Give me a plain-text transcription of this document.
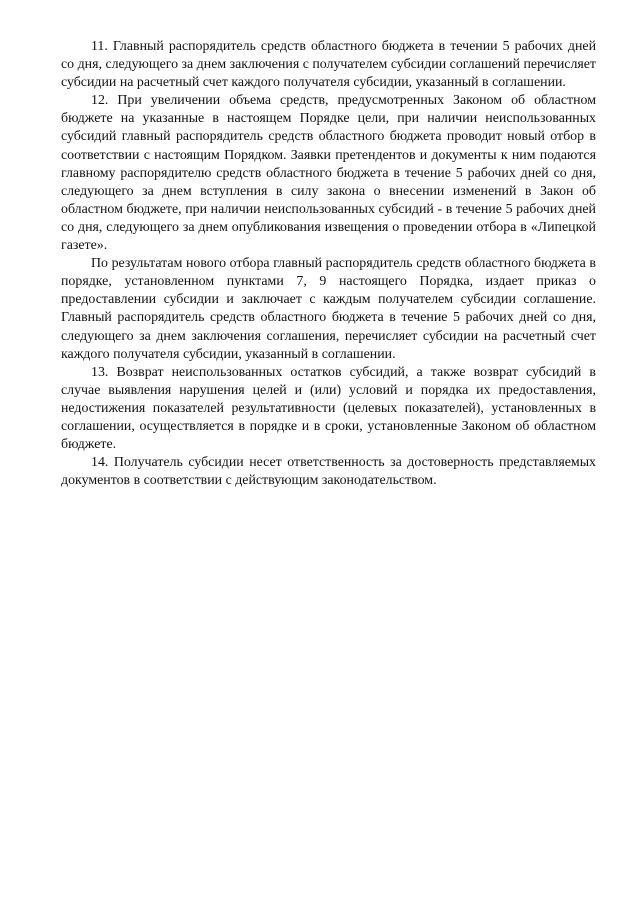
11. Главный распорядитель средств областного бюджета в течении 5 рабочих дней со дня, следующего за днем заключения с получателем субсидии соглашений перечисляет субсидии на расчетный счет каждого получателя субсидии, указанный в соглашении.

12. При увеличении объема средств, предусмотренных Законом об областном бюджете на указанные в настоящем Порядке цели, при наличии неиспользованных субсидий главный распорядитель средств областного бюджета проводит новый отбор в соответствии с настоящим Порядком. Заявки претендентов и документы к ним подаются главному распорядителю средств областного бюджета в течение 5 рабочих дней со дня, следующего за днем вступления в силу закона о внесении изменений в Закон об областном бюджете, при наличии неиспользованных субсидий - в течение 5 рабочих дней со дня, следующего за днем опубликования извещения о проведении отбора в «Липецкой газете».

По результатам нового отбора главный распорядитель средств областного бюджета в порядке, установленном пунктами 7, 9 настоящего Порядка, издает приказ о предоставлении субсидии и заключает с каждым получателем субсидии соглашение. Главный распорядитель средств областного бюджета в течение 5 рабочих дней со дня, следующего за днем заключения соглашения, перечисляет субсидии на расчетный счет каждого получателя субсидии, указанный в соглашении.

13. Возврат неиспользованных остатков субсидий, а также возврат субсидий в случае выявления нарушения целей и (или) условий и порядка их предоставления, недостижения показателей результативности (целевых показателей), установленных в соглашении, осуществляется в порядке и в сроки, установленные Законом об областном бюджете.

14. Получатель субсидии несет ответственность за достоверность представляемых документов в соответствии с действующим законодательством.
